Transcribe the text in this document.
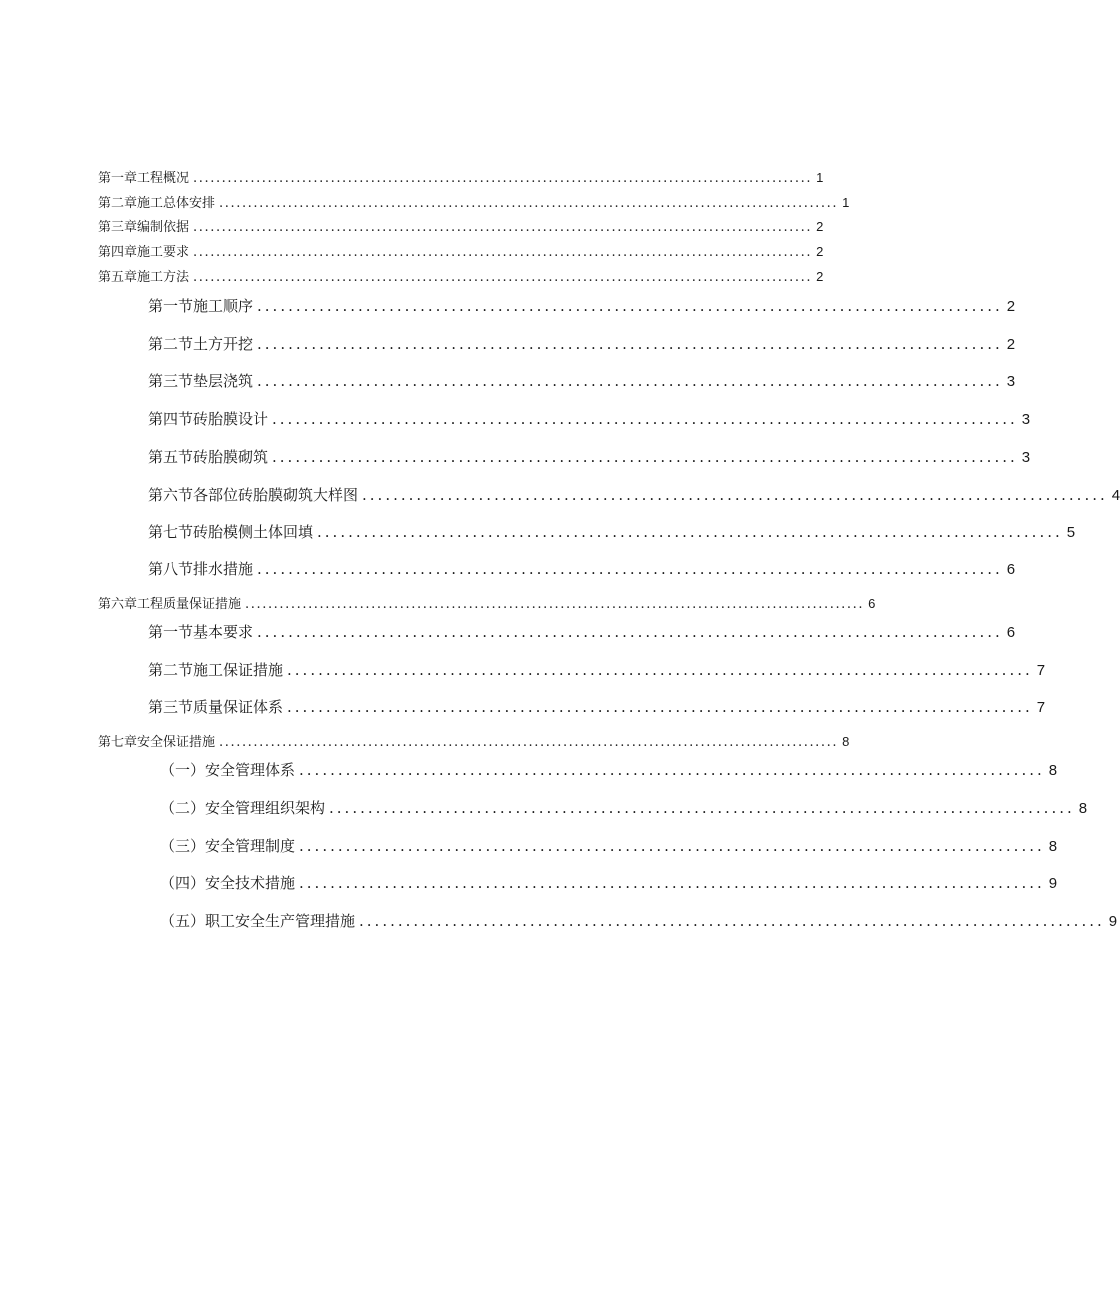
第一章工程概况 ............................................................................................................ 1
第二章施工总体安排 ............................................................................................................ 1
第三章编制依据 ............................................................................................................ 2
第四章施工要求 ............................................................................................................ 2
第五章施工方法 ............................................................................................................ 2
第一节施工顺序 ................................................................................................ 2
第二节土方开挖 ................................................................................................ 2
第三节垫层浇筑 ................................................................................................ 3
第四节砖胎膜设计 ................................................................................................ 3
第五节砖胎膜砌筑 ................................................................................................ 3
第六节各部位砖胎膜砌筑大样图 ................................................................................................ 4
第七节砖胎模侧土体回填 ................................................................................................ 5
第八节排水措施 ................................................................................................ 6
第六章工程质量保证措施 ............................................................................................................ 6
第一节基本要求 ................................................................................................ 6
第二节施工保证措施 ................................................................................................ 7
第三节质量保证体系 ................................................................................................ 7
第七章安全保证措施 ............................................................................................................ 8
（一）安全管理体系 ................................................................................................ 8
（二）安全管理组织架构 ................................................................................................ 8
（三）安全管理制度 ................................................................................................ 8
（四）安全技术措施 ................................................................................................ 9
（五）职工安全生产管理措施 ................................................................................................ 9
